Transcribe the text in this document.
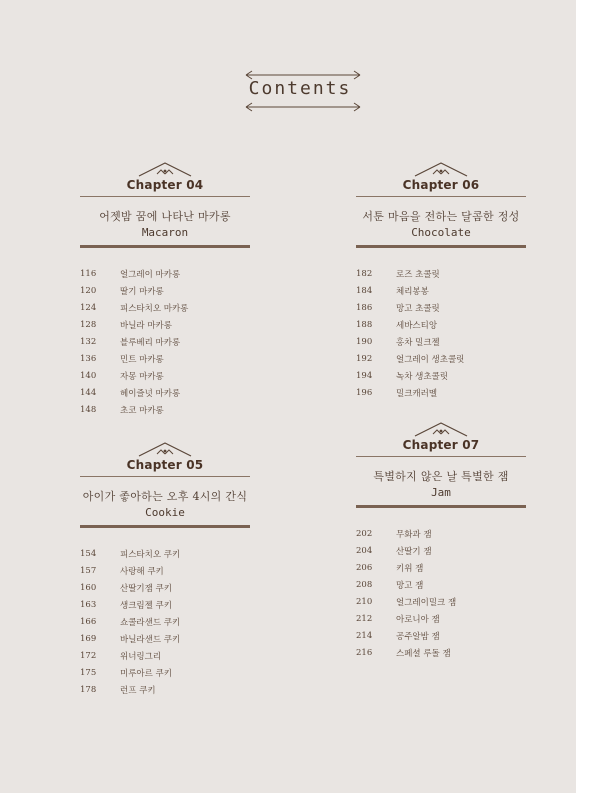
Contents
Chapter 04
어젯밤 꿈에 나타난 마카롱
Macaron
116	얼그레이 마카롱
120	딸기 마카롱
124	피스타치오 마카롱
128	바닐라 마카롱
132	블루베리 마카롱
136	민트 마카롱
140	자몽 마카롱
144	헤이즐넛 마카롱
148	초코 마카롱
Chapter 06
서툰 마음을 전하는 달콤한 정성
Chocolate
182	로즈 초콜릿
184	체리봉봉
186	망고 초콜릿
188	세바스티앙
190	홍차 밀크젤
192	얼그레이 생초콜릿
194	녹차 생초콜릿
196	밀크캐러멜
Chapter 05
아이가 좋아하는 오후 4시의 간식
Cookie
154	피스타치오 쿠키
157	사랑해 쿠키
160	산딸기잼 쿠키
163	생크림젤 쿠키
166	쇼콜라샌드 쿠키
169	바닐라샌드 쿠키
172	위너링그리
175	미루아르 쿠키
178	런프 쿠키
Chapter 07
특별하지 않은 날 특별한 잼
Jam
202	무화과 잼
204	산딸기 잼
206	키위 잼
208	망고 잼
210	얼그레이밀크 잼
212	아로니아 잼
214	공주알밤 잼
216	스페셜 루돌 잼
